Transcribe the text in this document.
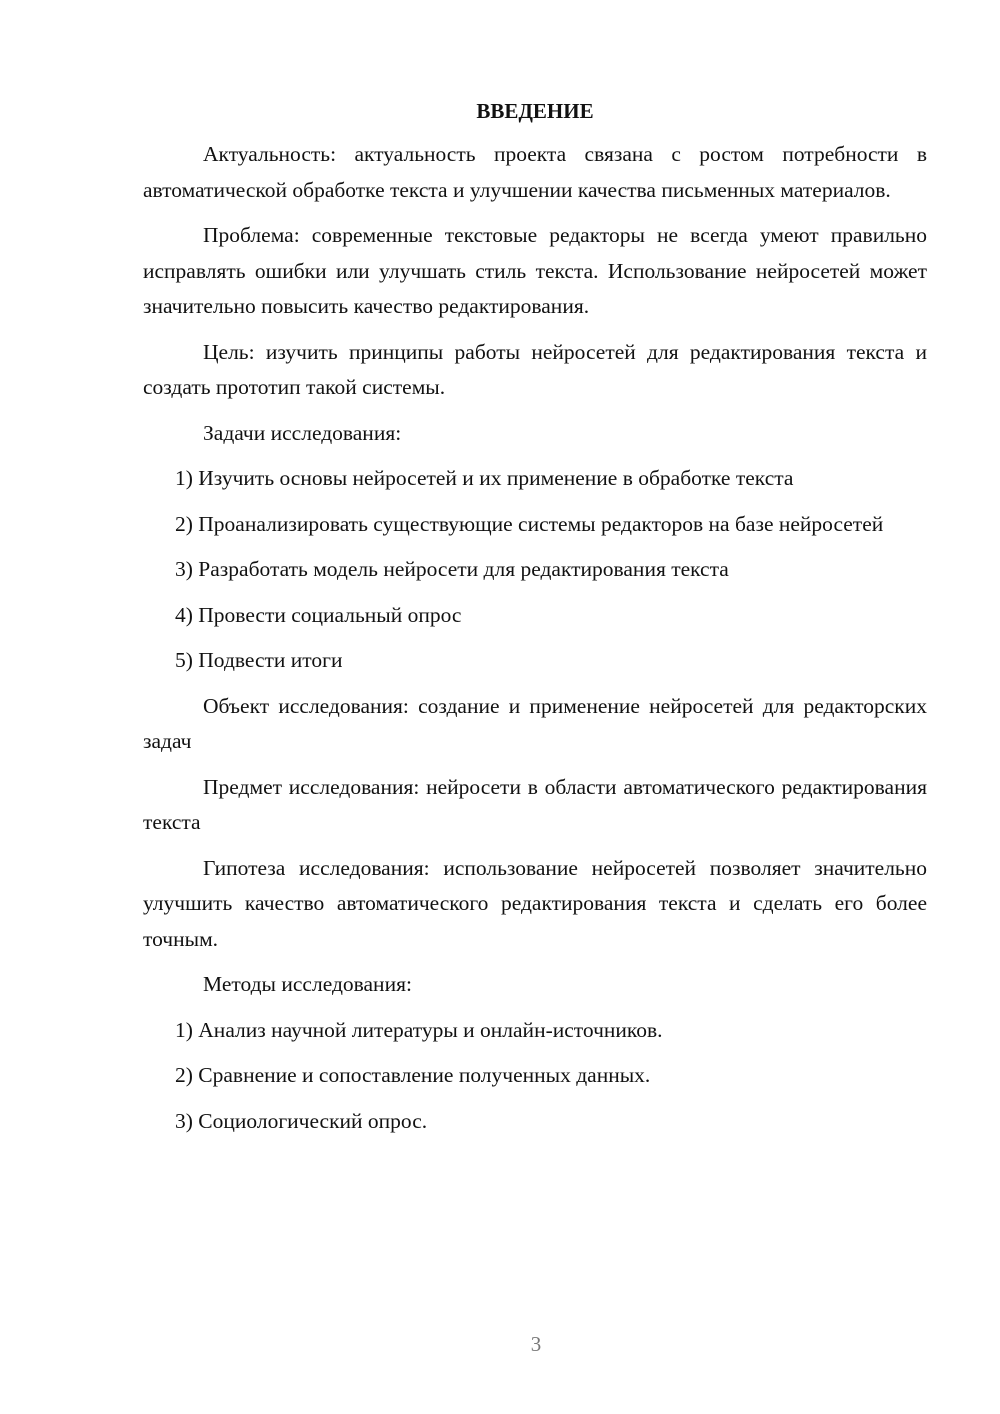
ВВЕДЕНИЕ

Актуальность: актуальность проекта связана с ростом потребности в автоматической обработке текста и улучшении качества письменных материалов.

Проблема: современные текстовые редакторы не всегда умеют правильно исправлять ошибки или улучшать стиль текста. Использование нейросетей может значительно повысить качество редактирования.

Цель: изучить принципы работы нейросетей для редактирования текста и создать прототип такой системы.

Задачи исследования:

1) Изучить основы нейросетей и их применение в обработке текста

2) Проанализировать существующие системы редакторов на базе нейросетей

3) Разработать модель нейросети для редактирования текста

4) Провести социальный опрос

5) Подвести итоги

Объект исследования: создание и применение нейросетей для редакторских задач

Предмет исследования: нейросети в области автоматического редактирования текста

Гипотеза исследования: использование нейросетей позволяет значительно улучшить качество автоматического редактирования текста и сделать его более точным.

Методы исследования:

1) Анализ научной литературы и онлайн-источников.

2) Сравнение и сопоставление полученных данных.

3) Социологический опрос.

3
